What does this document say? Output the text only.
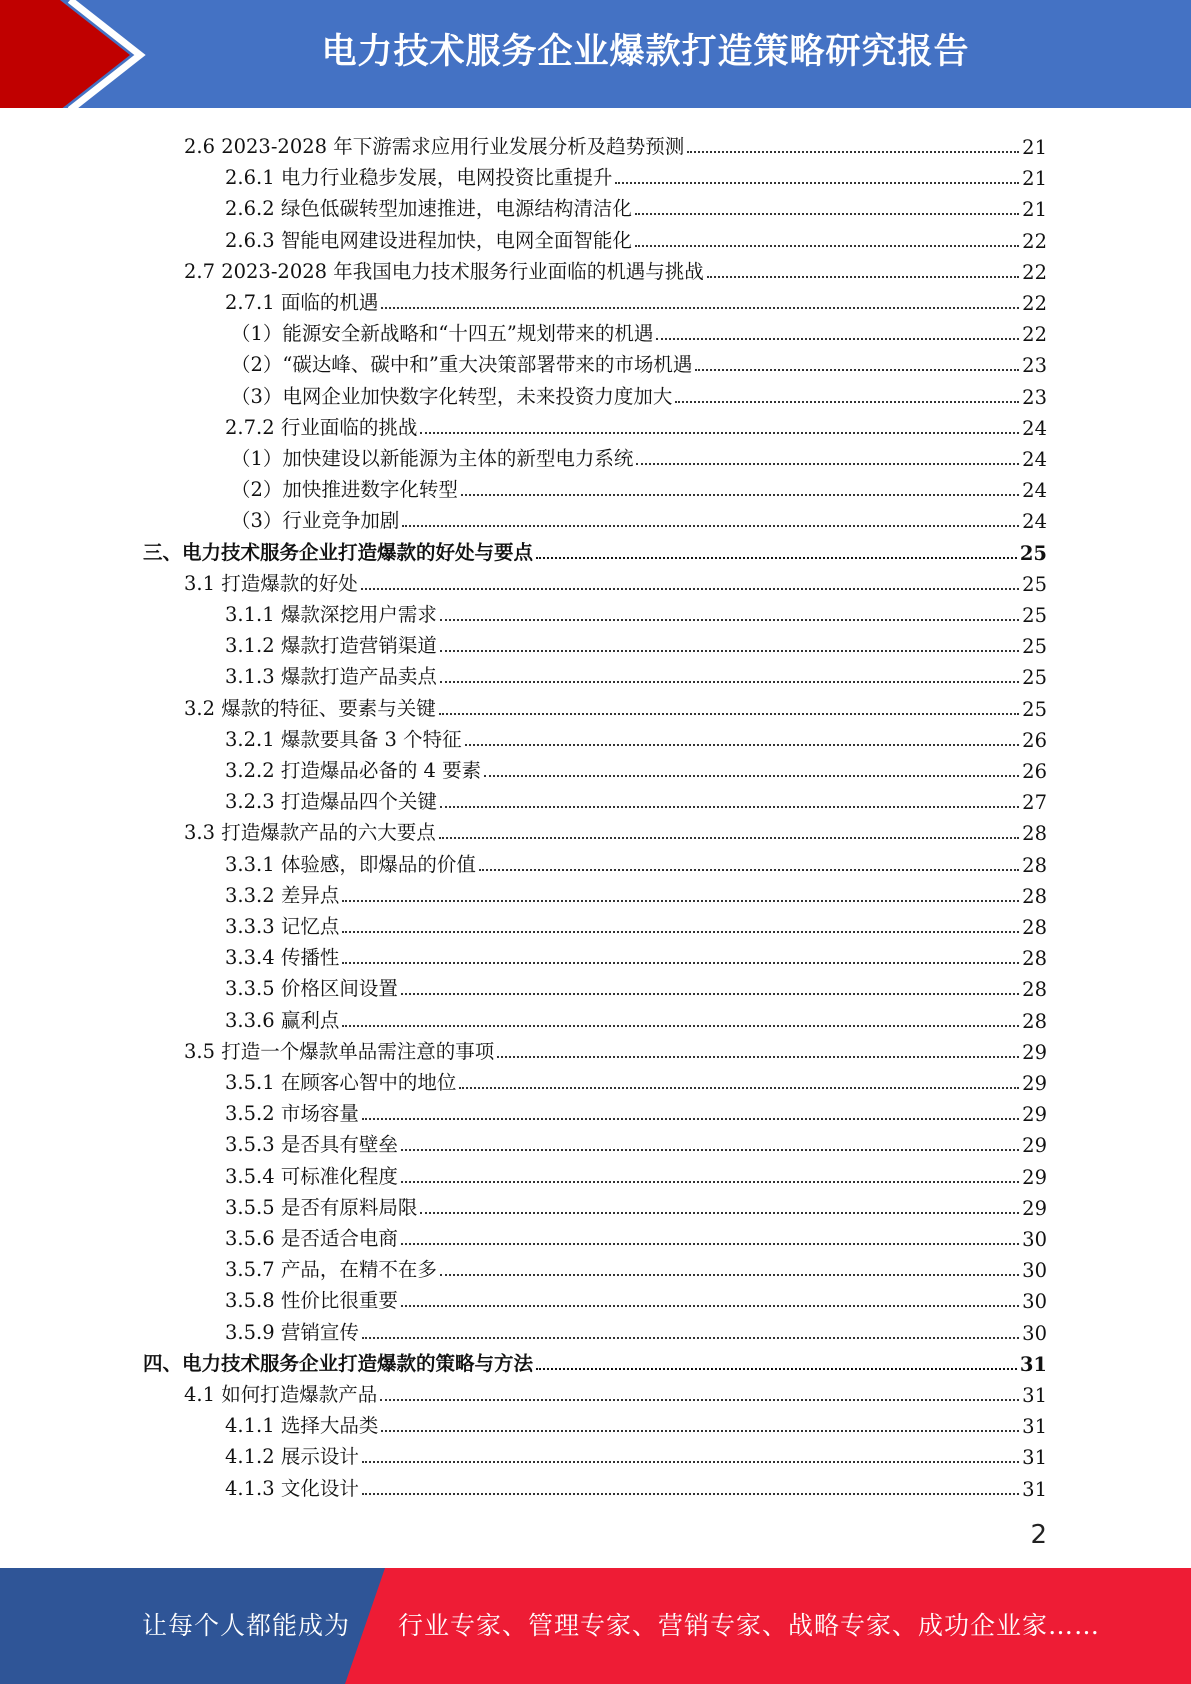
电力技术服务企业爆款打造策略研究报告
2.6 2023-2028 年下游需求应用行业发展分析及趋势预测	21
2.6.1 电力行业稳步发展，电网投资比重提升	21
2.6.2 绿色低碳转型加速推进，电源结构清洁化	21
2.6.3 智能电网建设进程加快，电网全面智能化	22
2.7 2023-2028 年我国电力技术服务行业面临的机遇与挑战	22
2.7.1 面临的机遇	22
（1）能源安全新战略和“十四五”规划带来的机遇	22
（2）“碳达峰、碳中和”重大决策部署带来的市场机遇	23
（3）电网企业加快数字化转型，未来投资力度加大	23
2.7.2 行业面临的挑战	24
（1）加快建设以新能源为主体的新型电力系统	24
（2）加快推进数字化转型	24
（3）行业竞争加剧	24
三、电力技术服务企业打造爆款的好处与要点	25
3.1 打造爆款的好处	25
3.1.1 爆款深挖用户需求	25
3.1.2 爆款打造营销渠道	25
3.1.3 爆款打造产品卖点	25
3.2 爆款的特征、要素与关键	25
3.2.1 爆款要具备 3 个特征	26
3.2.2 打造爆品必备的 4 要素	26
3.2.3 打造爆品四个关键	27
3.3 打造爆款产品的六大要点	28
3.3.1 体验感，即爆品的价值	28
3.3.2 差异点	28
3.3.3 记忆点	28
3.3.4 传播性	28
3.3.5 价格区间设置	28
3.3.6 赢利点	28
3.5 打造一个爆款单品需注意的事项	29
3.5.1 在顾客心智中的地位	29
3.5.2 市场容量	29
3.5.3 是否具有壁垒	29
3.5.4 可标准化程度	29
3.5.5 是否有原料局限	29
3.5.6 是否适合电商	30
3.5.7 产品，在精不在多	30
3.5.8 性价比很重要	30
3.5.9 营销宣传	30
四、电力技术服务企业打造爆款的策略与方法	31
4.1 如何打造爆款产品	31
4.1.1 选择大品类	31
4.1.2 展示设计	31
4.1.3 文化设计	31
2
让每个人都能成为 行业专家、管理专家、营销专家、战略专家、成功企业家……
